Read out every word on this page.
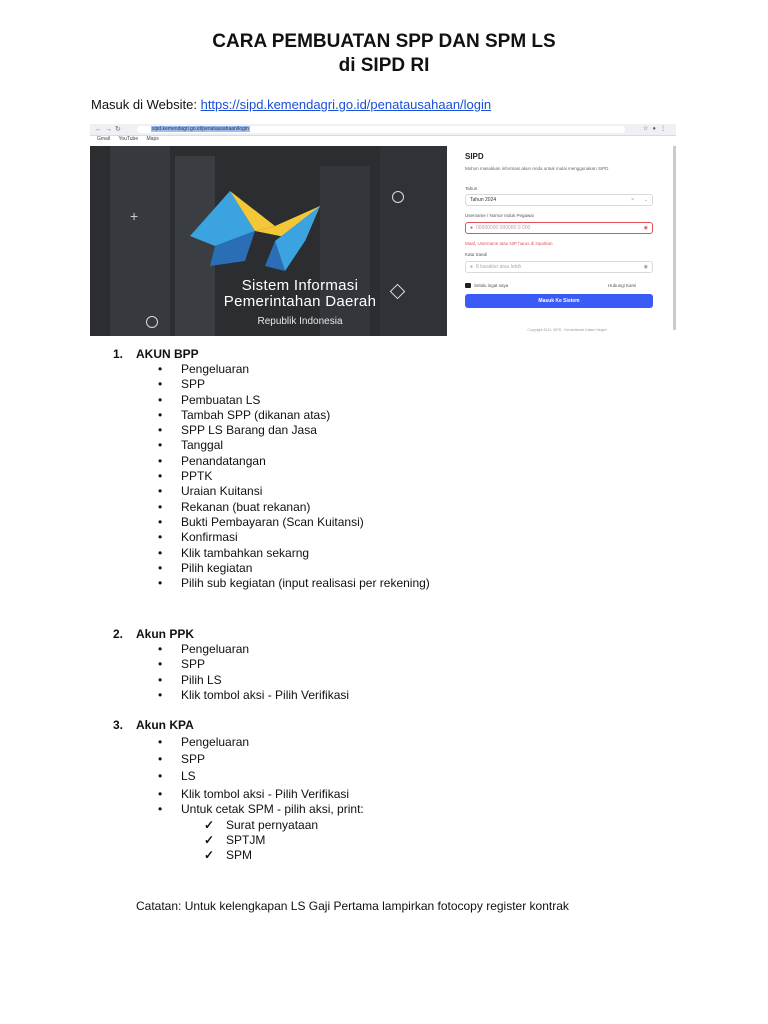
CARA PEMBUATAN SPP DAN SPM LS
di SIPD RI
Masuk di Website: https://sipd.kemendagri.go.id/penatausahaan/login
←→↻	sipd.kemendagri.go.id/penatausahaan/login	☆●⋮
Gmail YouTube Maps
+
Sistem Informasi
Pemerintahan Daerah
Republik Indonesia
SIPD
Mohon masukkan informasi akun Anda untuk mulai menggunakan SIPD
Tahun
Tahun 2024	× ⌄
Username / Nomor Induk Pegawai
● 00000000 000000 0 000	◉
Maaf, Username atau NIP harus di inputkan
Kata Sandi
● 8 karakter atau lebih	◉
Selalu ingat saya	Hubungi Kami
Masuk Ke Sistem
Copyright 2024, SIPD - Kementerian Dalam Negeri
1. AKUN BPP
• Pengeluaran
• SPP
• Pembuatan LS
• Tambah SPP (dikanan atas)
• SPP LS Barang dan Jasa
• Tanggal
• Penandatangan
• PPTK
• Uraian Kuitansi
• Rekanan (buat rekanan)
• Bukti Pembayaran (Scan Kuitansi)
• Konfirmasi
• Klik tambahkan sekarng
• Pilih kegiatan
• Pilih sub kegiatan (input realisasi per rekening)
2. Akun PPK
• Pengeluaran
• SPP
• Pilih LS
• Klik tombol aksi - Pilih Verifikasi
3. Akun KPA
• Pengeluaran
• SPP
• LS
• Klik tombol aksi - Pilih Verifikasi
• Untuk cetak SPM - pilih aksi, print:
✓ Surat pernyataan
✓ SPTJM
✓ SPM
Catatan: Untuk kelengkapan LS Gaji Pertama lampirkan fotocopy register kontrak
